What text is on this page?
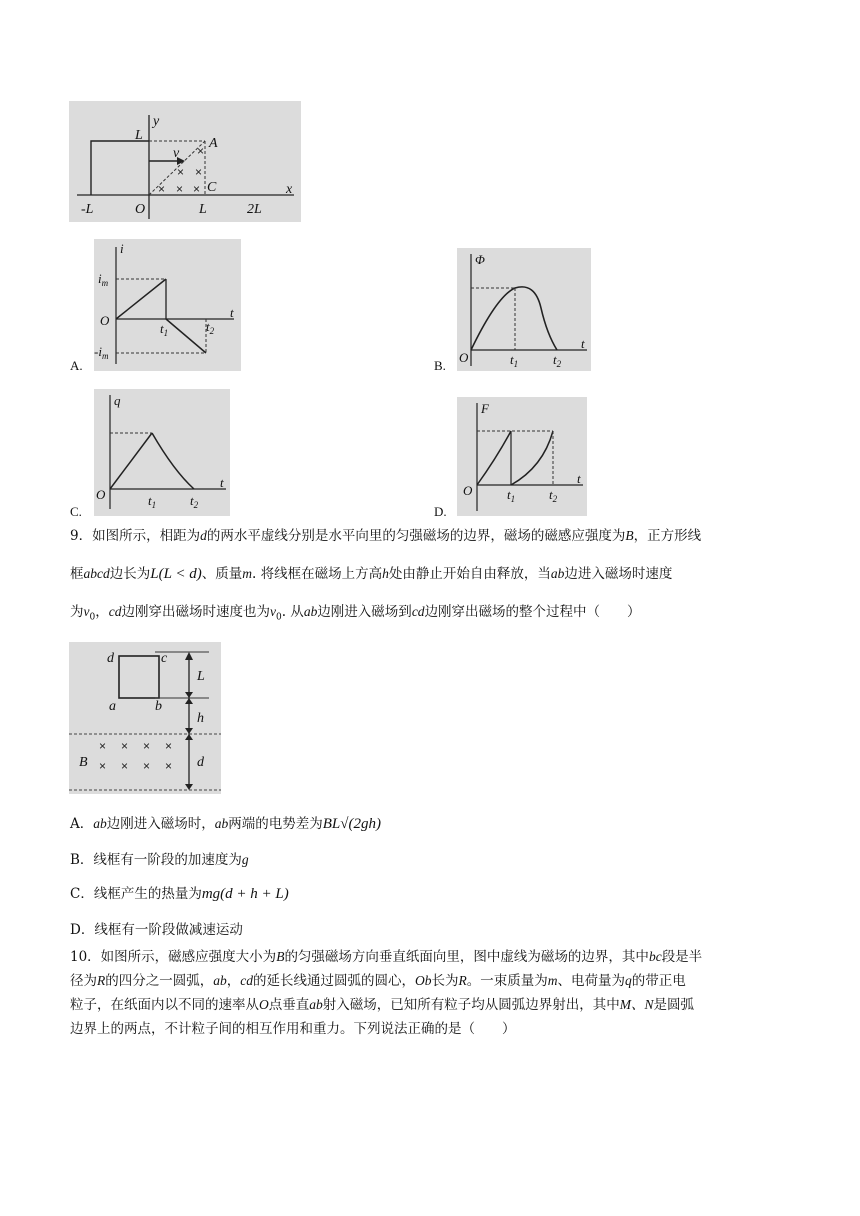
×
× ×
× × ×
L
y
v
A
C	x
-L	O	L	2L
A.
i
$i_m$
O
$-i_m$
$t_1$	$t_2$
t
B.
Φ
O	$t_1$	$t_2$
t
C.
q
O	$t_1$	$t_2$
t
D.
F
O	$t_1$	$t_2$
t
9．如图所示，相距为d的两水平虚线分别是水平向里的匀强磁场的边界，磁场的磁感应强度为B，正方形线
框abcd边长为L(L < d)、质量m. 将线框在磁场上方高h处由静止开始自由释放，当ab边进入磁场时速度
为$v_0$，cd边刚穿出磁场时速度也为$v_0$. 从ab边刚进入磁场到cd边刚穿出磁场的整个过程中（　　）
× × × ×
× × × ×
d	c
a	b
L
h
B	d
A．ab边刚进入磁场时，ab两端的电势差为BL√(2gh)
B．线框有一阶段的加速度为g
C．线框产生的热量为mg(d + h + L)
D．线框有一阶段做减速运动
10．如图所示，磁感应强度大小为B的匀强磁场方向垂直纸面向里，图中虚线为磁场的边界，其中bc段是半
径为R的四分之一圆弧，ab，cd的延长线通过圆弧的圆心，Ob长为R。一束质量为m、电荷量为q的带正电
粒子，在纸面内以不同的速率从O点垂直ab射入磁场，已知所有粒子均从圆弧边界射出，其中M、N是圆弧
边界上的两点，不计粒子间的相互作用和重力。下列说法正确的是（　　）
